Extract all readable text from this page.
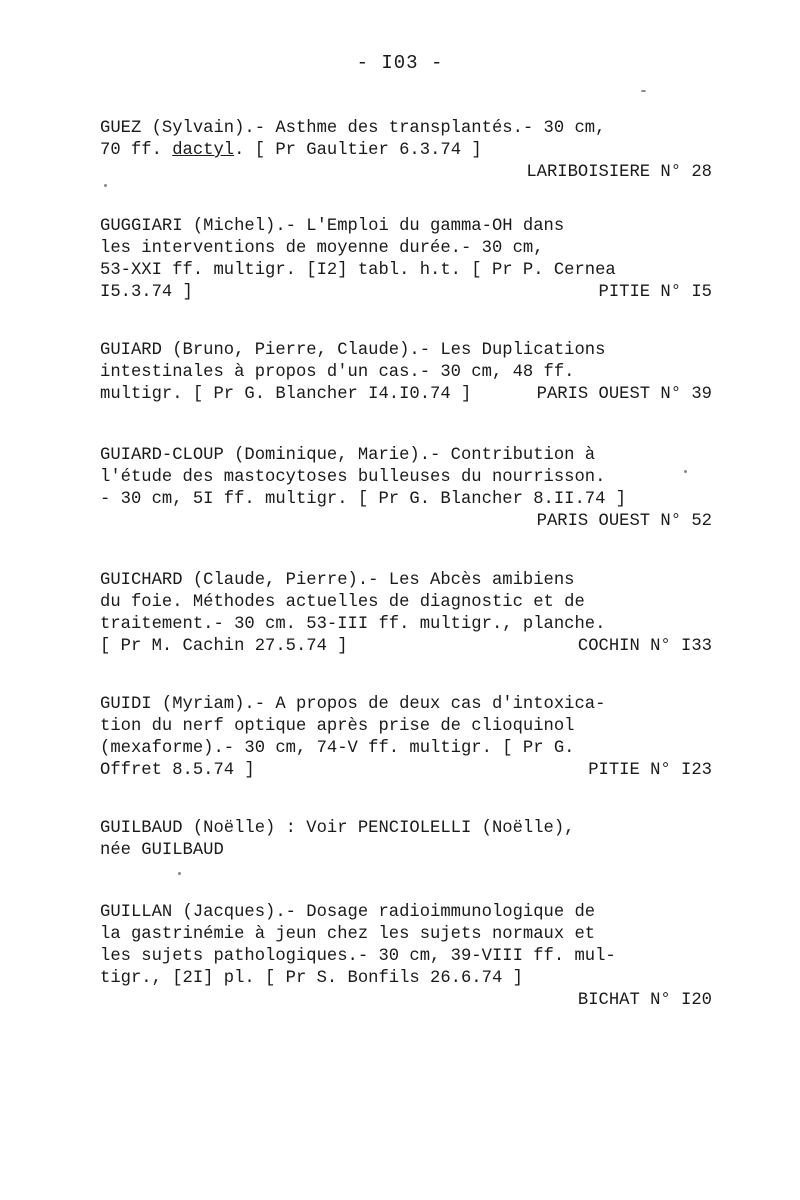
- I03 -
GUEZ (Sylvain).- Asthme des transplantés.- 30 cm,
70 ff. dactyl. [ Pr Gaultier 6.3.74 ]
LARIBOISIERE N° 28
GUGGIARI (Michel).- L'Emploi du gamma-OH dans
les interventions de moyenne durée.- 30 cm,
53-XXI ff. multigr. [I2] tabl. h.t. [ Pr P. Cernea
I5.3.74 ]	PITIE N° I5
GUIARD (Bruno, Pierre, Claude).- Les Duplications
intestinales à propos d'un cas.- 30 cm, 48 ff.
multigr. [ Pr G. Blancher I4.I0.74 ]	PARIS OUEST N° 39
GUIARD-CLOUP (Dominique, Marie).- Contribution à
l'étude des mastocytoses bulleuses du nourrisson.
- 30 cm, 5I ff. multigr. [ Pr G. Blancher 8.II.74 ]
PARIS OUEST N° 52
GUICHARD (Claude, Pierre).- Les Abcès amibiens
du foie. Méthodes actuelles de diagnostic et de
traitement.- 30 cm. 53-III ff. multigr., planche.
[ Pr M. Cachin 27.5.74 ]	COCHIN N° I33
GUIDI (Myriam).- A propos de deux cas d'intoxica-
tion du nerf optique après prise de clioquinol
(mexaforme).- 30 cm, 74-V ff. multigr. [ Pr G.
Offret 8.5.74 ]	PITIE N° I23
GUILBAUD (Noëlle) : Voir PENCIOLELLI (Noëlle),
née GUILBAUD
GUILLAN (Jacques).- Dosage radioimmunologique de
la gastrinémie à jeun chez les sujets normaux et
les sujets pathologiques.- 30 cm, 39-VIII ff. mul-
tigr., [2I] pl. [ Pr S. Bonfils 26.6.74 ]
BICHAT N° I20
